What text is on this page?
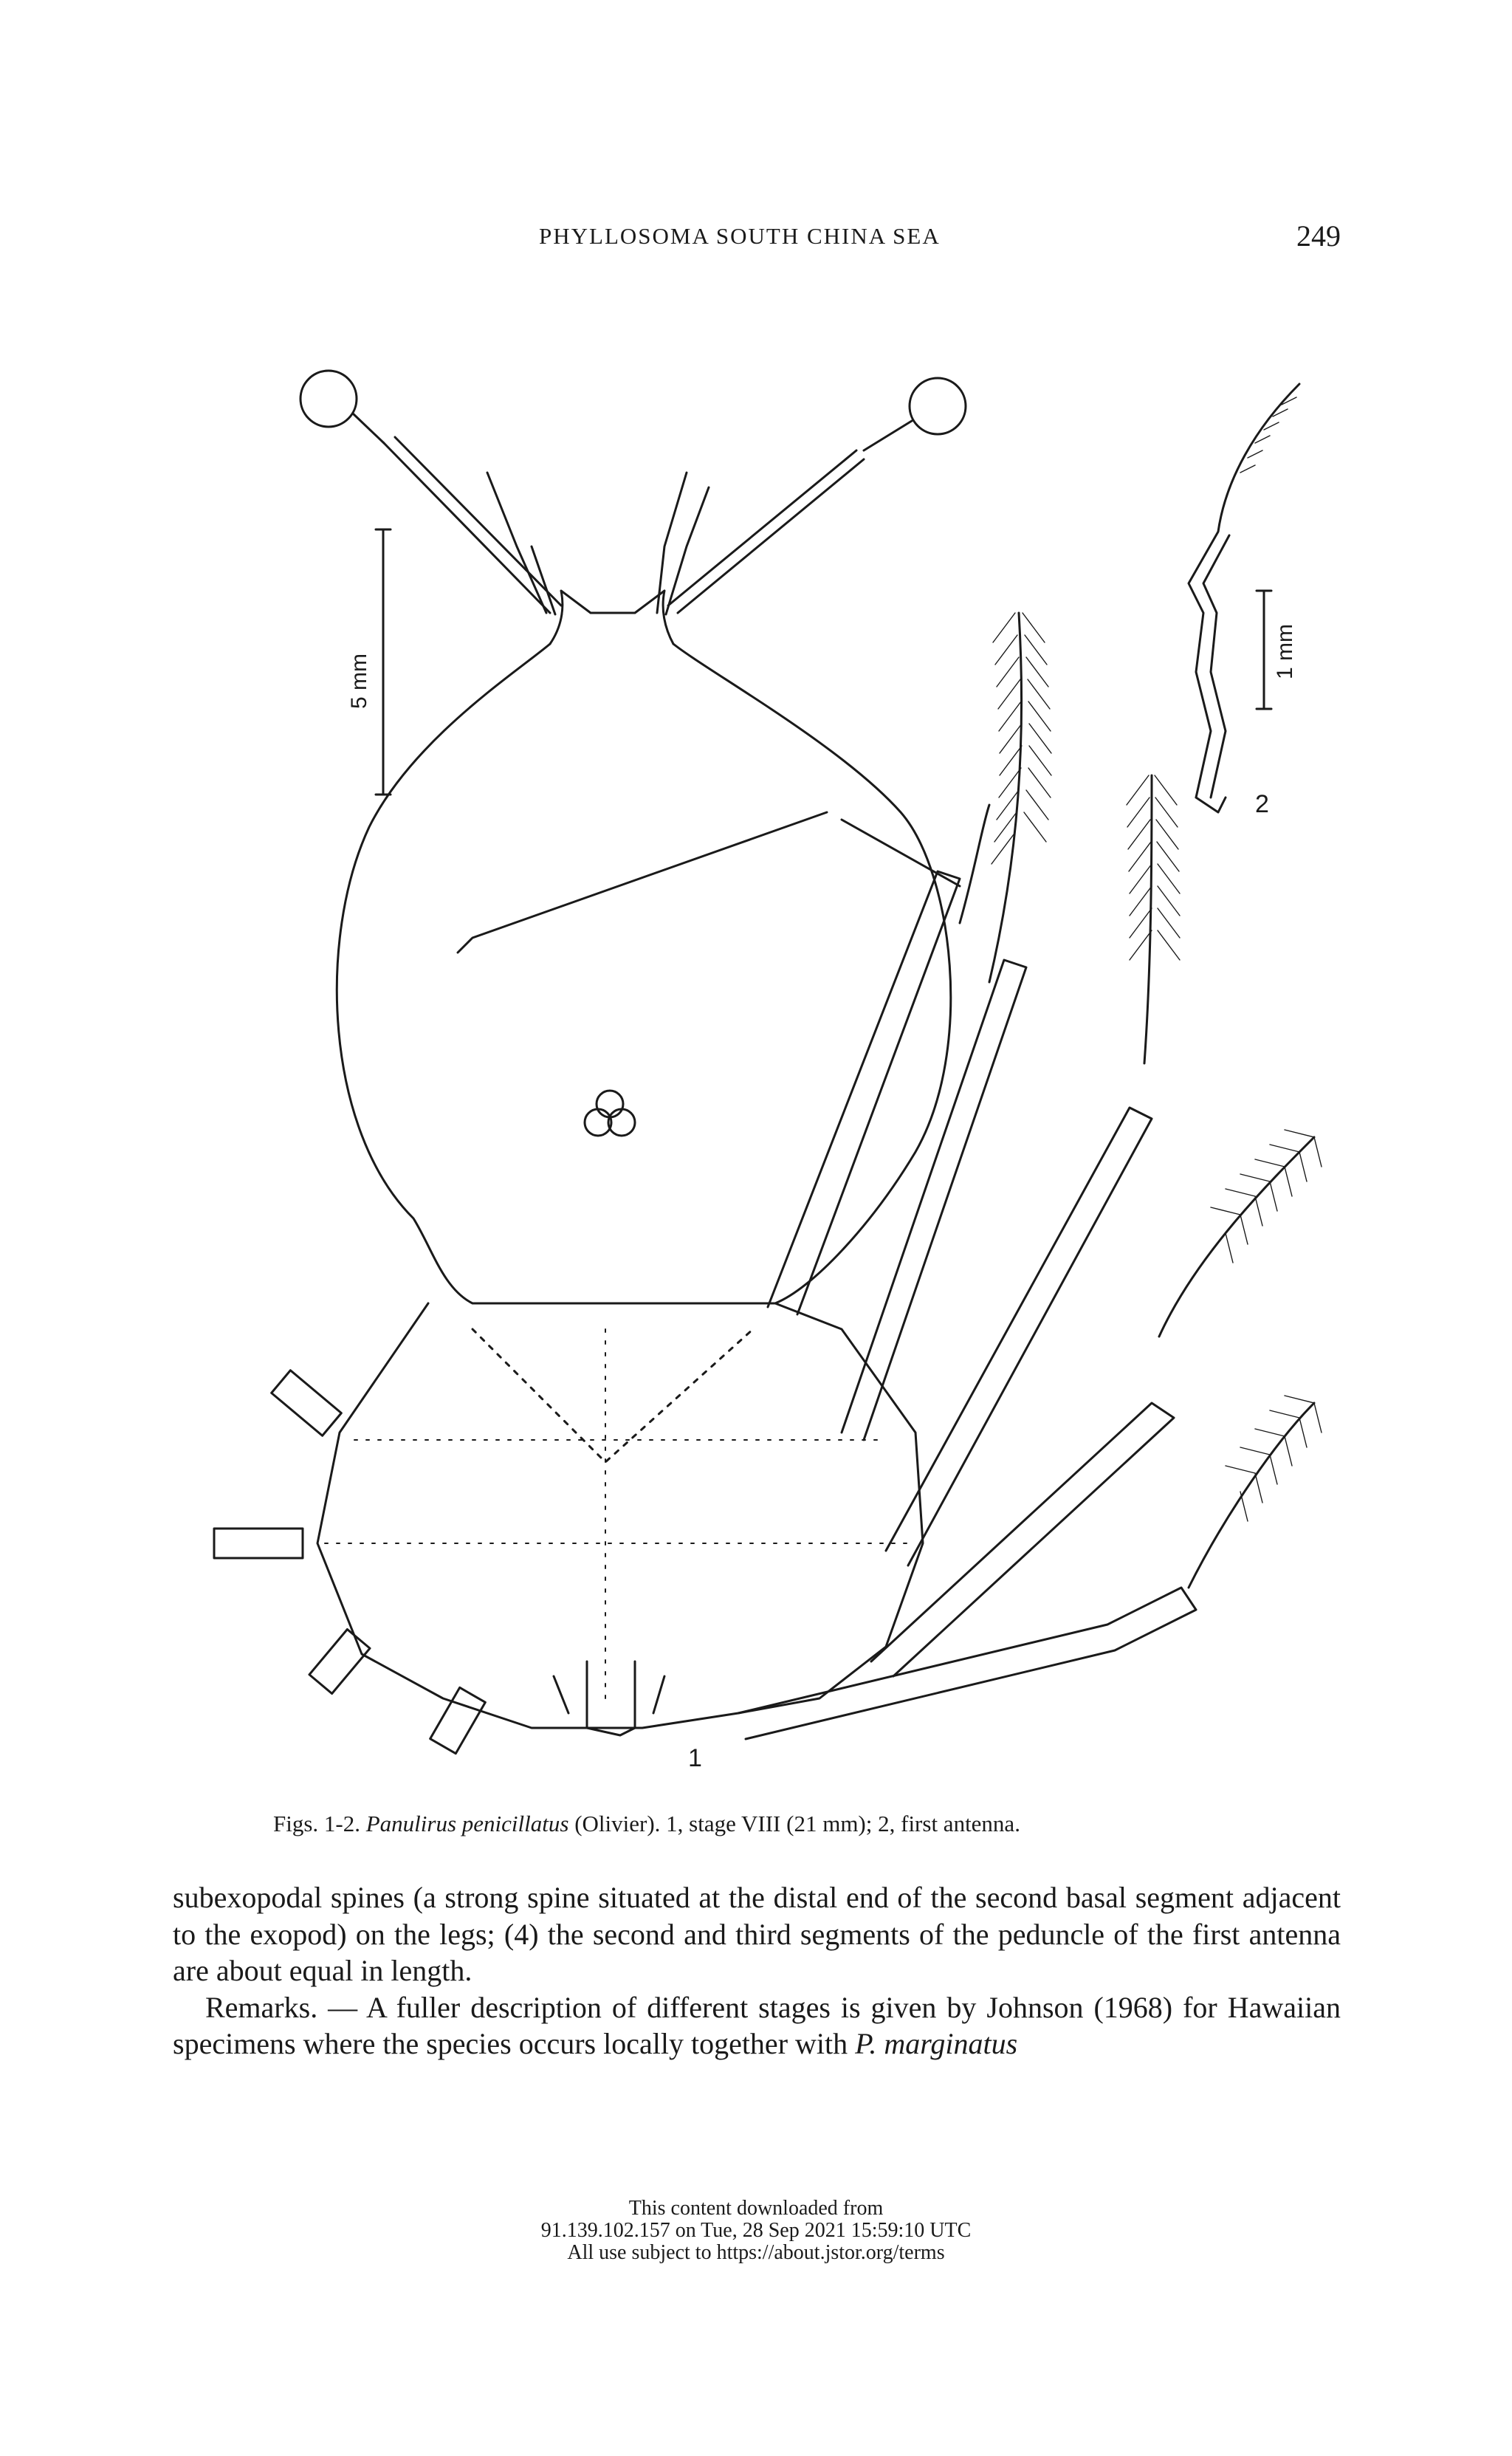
PHYLLOSOMA SOUTH CHINA SEA	249
5 mm
1 mm
1
2
Figs. 1-2. Panulirus penicillatus (Olivier). 1, stage VIII (21 mm); 2, first antenna.

subexopodal spines (a strong spine situated at the distal end of the second basal segment adjacent to the exopod) on the legs; (4) the second and third segments of the peduncle of the first antenna are about equal in length.

Remarks. — A fuller description of different stages is given by Johnson (1968) for Hawaiian specimens where the species occurs locally together with P. marginatus

This content downloaded from
91.139.102.157 on Tue, 28 Sep 2021 15:59:10 UTC
All use subject to https://about.jstor.org/terms
